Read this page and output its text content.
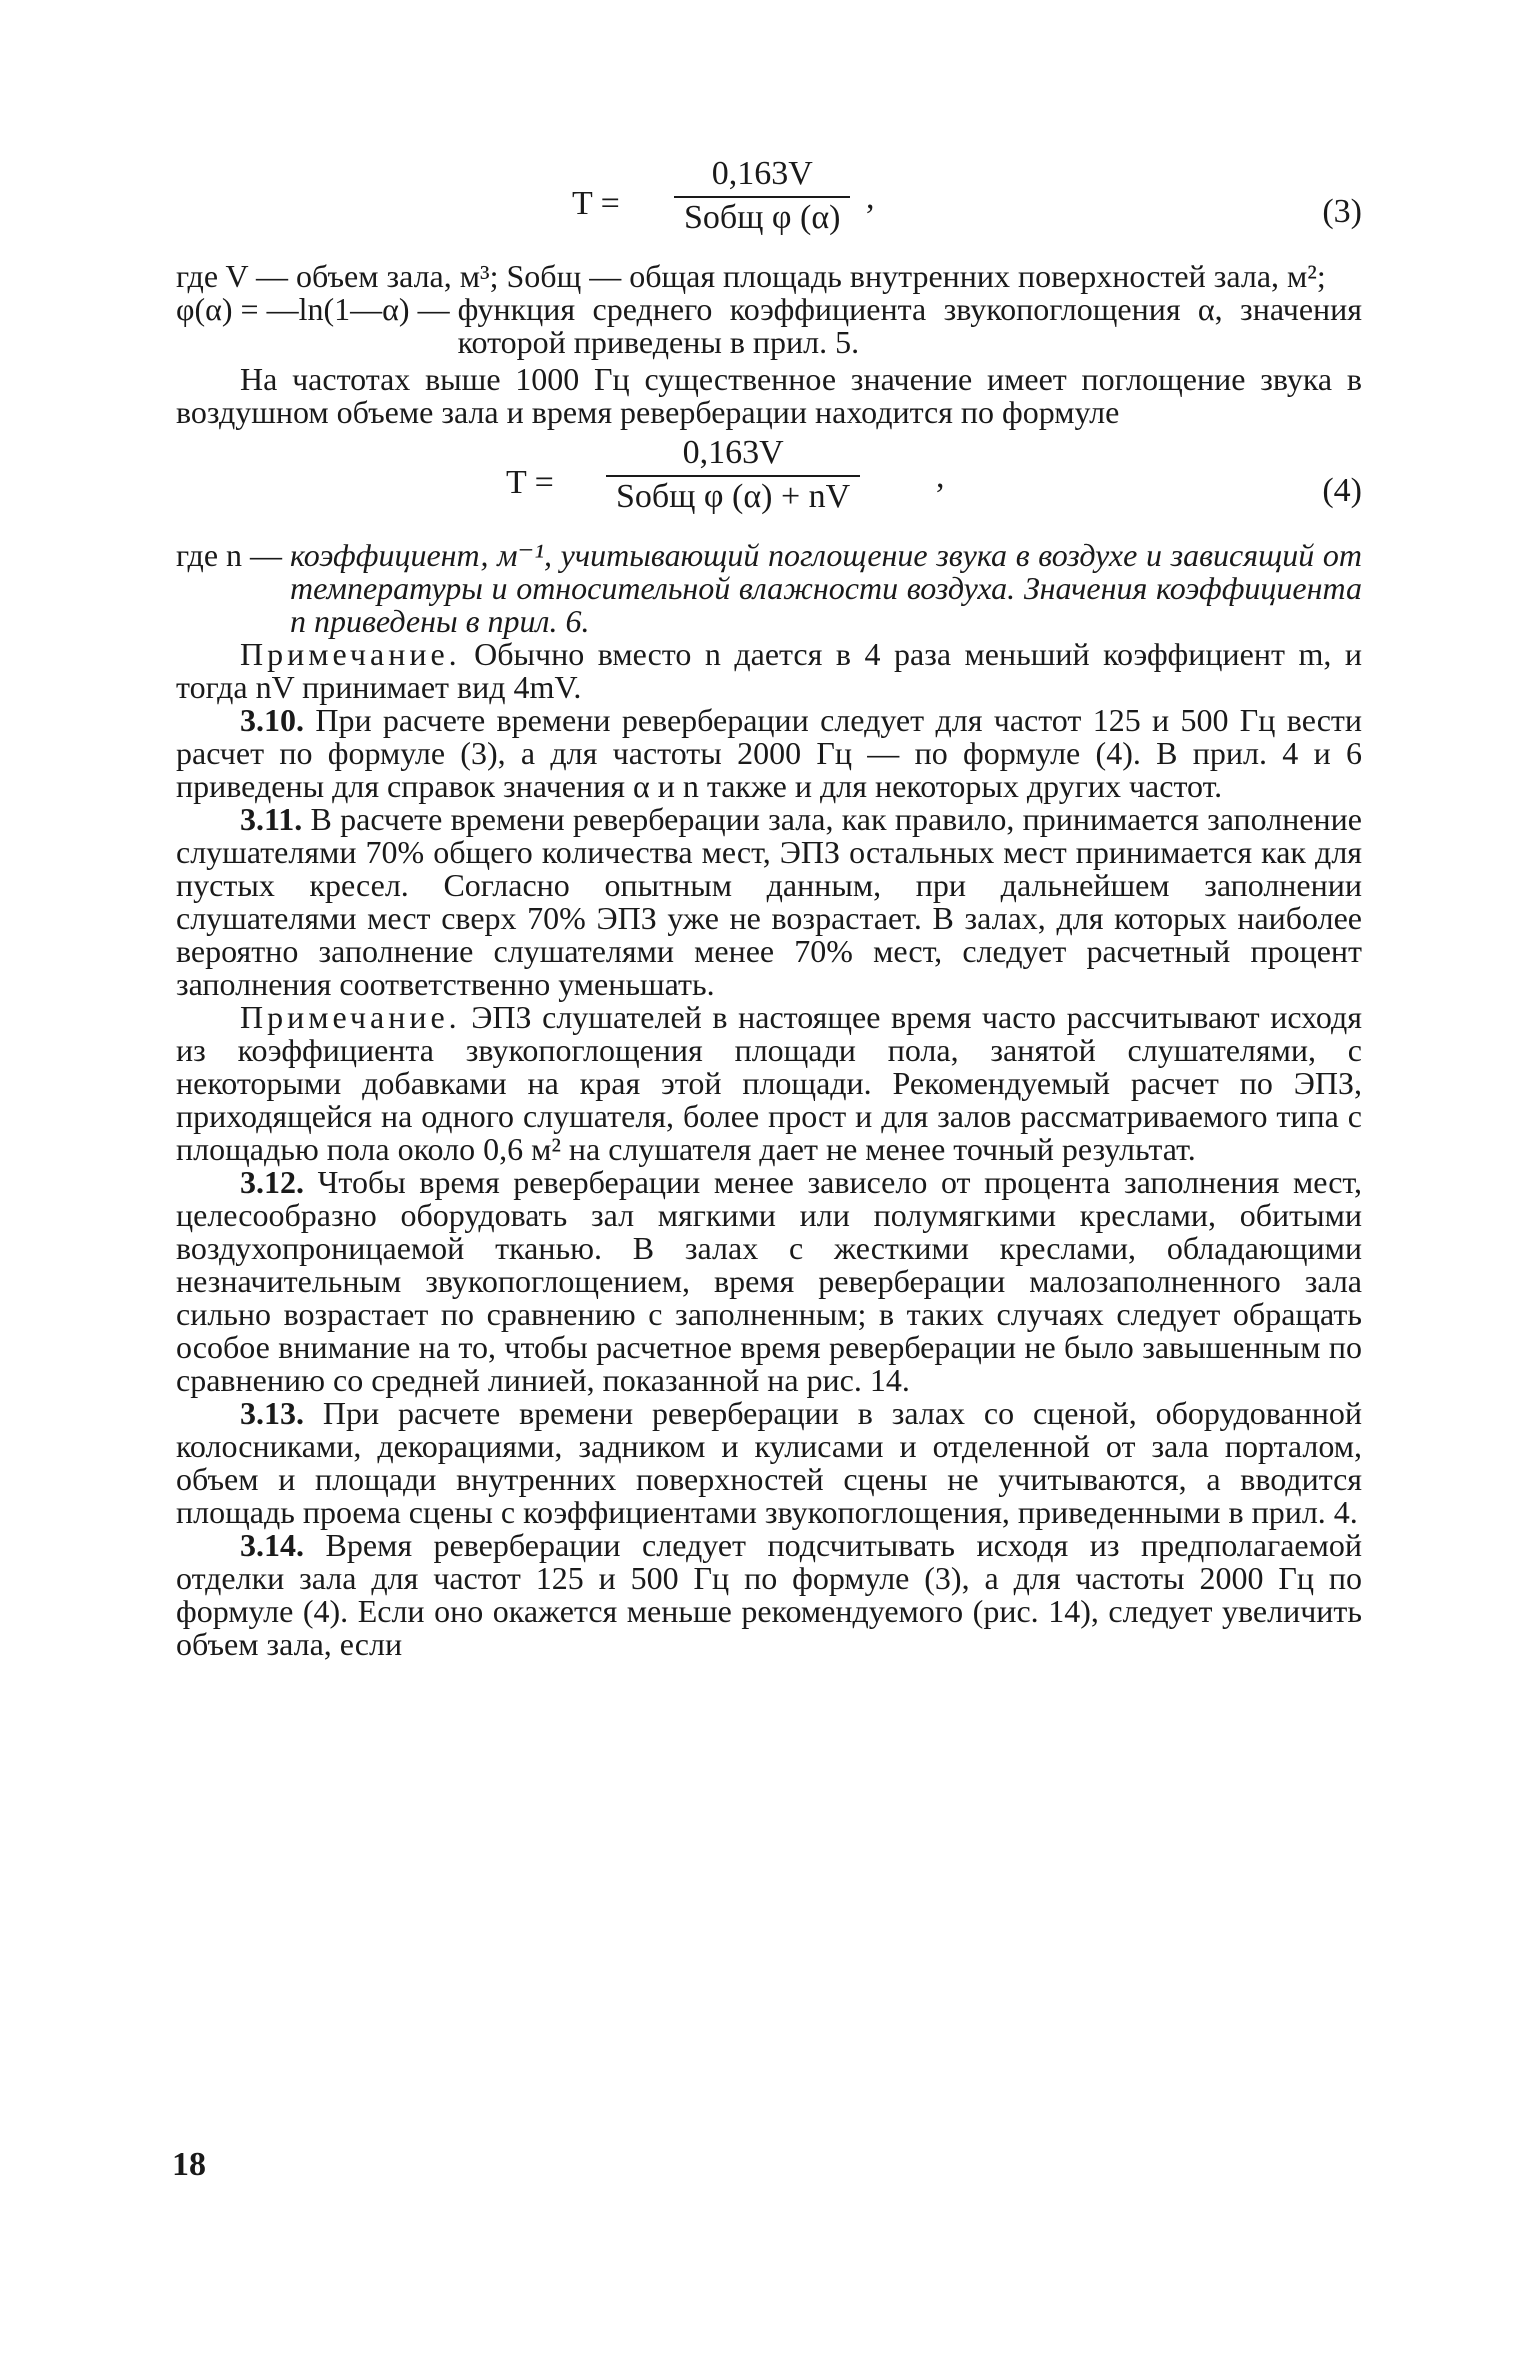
T =
0,163V
Sобщ φ (α)
,	(3)
где V — объем зала, м³; Sобщ — общая площадь внутренних поверхностей зала, м²;
φ(α) = —ln(1—α) — функция среднего коэффициента звукопоглощения α, значения которой приведены в прил. 5.

На частотах выше 1000 Гц существенное значение имеет поглощение звука в воздушном объеме зала и время реверберации находится по формуле

T =
0,163V
Sобщ φ (α) + nV
,	(4)
где n — коэффициент, м⁻¹, учитывающий поглощение звука в воздухе и зависящий от температуры и относительной влажности воздуха. Значения коэффициента n приведены в прил. 6.

Примечание. Обычно вместо n дается в 4 раза меньший коэффициент m, и тогда nV принимает вид 4mV.

3.10. При расчете времени реверберации следует для частот 125 и 500 Гц вести расчет по формуле (3), а для частоты 2000 Гц — по формуле (4). В прил. 4 и 6 приведены для справок значения α и n также и для некоторых других частот.

3.11. В расчете времени реверберации зала, как правило, принимается заполнение слушателями 70% общего количества мест, ЭПЗ остальных мест принимается как для пустых кресел. Согласно опытным данным, при дальнейшем заполнении слушателями мест сверх 70% ЭПЗ уже не возрастает. В залах, для которых наиболее вероятно заполнение слушателями менее 70% мест, следует расчетный процент заполнения соответственно уменьшать.

Примечание. ЭПЗ слушателей в настоящее время часто рассчитывают исходя из коэффициента звукопоглощения площади пола, занятой слушателями, с некоторыми добавками на края этой площади. Рекомендуемый расчет по ЭПЗ, приходящейся на одного слушателя, более прост и для залов рассматриваемого типа с площадью пола около 0,6 м² на слушателя дает не менее точный результат.

3.12. Чтобы время реверберации менее зависело от процента заполнения мест, целесообразно оборудовать зал мягкими или полумягкими креслами, обитыми воздухопроницаемой тканью. В залах с жесткими креслами, обладающими незначительным звукопоглощением, время реверберации малозаполненного зала сильно возрастает по сравнению с заполненным; в таких случаях следует обращать особое внимание на то, чтобы расчетное время реверберации не было завышенным по сравнению со средней линией, показанной на рис. 14.

3.13. При расчете времени реверберации в залах со сценой, оборудованной колосниками, декорациями, задником и кулисами и отделенной от зала порталом, объем и площади внутренних поверхностей сцены не учитываются, а вводится площадь проема сцены с коэффициентами звукопоглощения, приведенными в прил. 4.

3.14. Время реверберации следует подсчитывать исходя из предполагаемой отделки зала для частот 125 и 500 Гц по формуле (3), а для частоты 2000 Гц по формуле (4). Если оно окажется меньше рекомендуемого (рис. 14), следует увеличить объем зала, если

18
